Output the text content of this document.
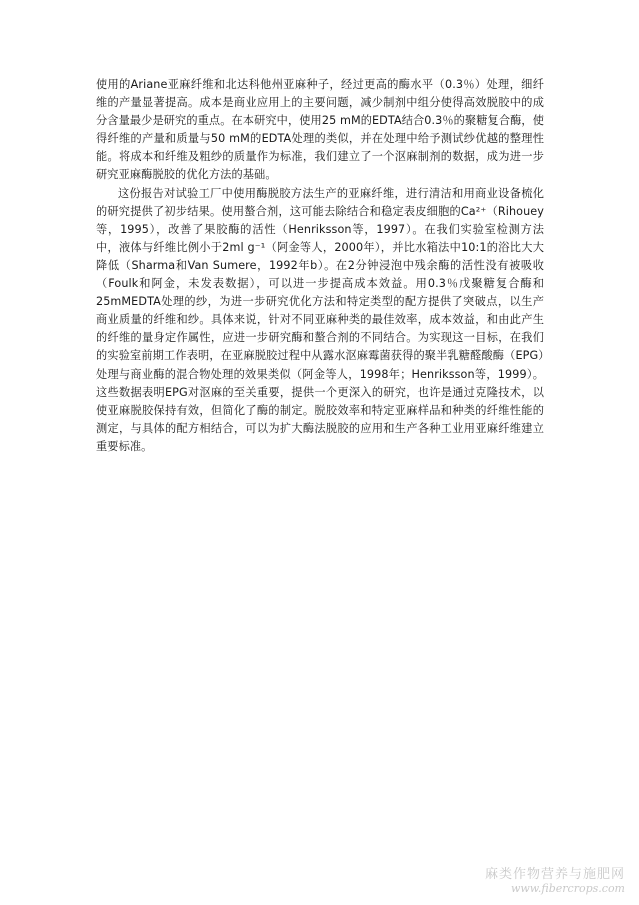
使用的Ariane亚麻纤维和北达科他州亚麻种子，经过更高的酶水平（0.3％）处理，细纤维的产量显著提高。成本是商业应用上的主要问题，减少制剂中组分使得高效脱胶中的成分含量最少是研究的重点。在本研究中，使用25 mM的EDTA结合0.3％的聚糖复合酶，使得纤维的产量和质量与50 mM的EDTA处理的类似，并在处理中给予测试纱优越的整理性能。将成本和纤维及粗纱的质量作为标准，我们建立了一个沤麻制剂的数据，成为进一步研究亚麻酶脱胶的优化方法的基础。

这份报告对试验工厂中使用酶脱胶方法生产的亚麻纤维，进行清洁和用商业设备梳化的研究提供了初步结果。使用螯合剂，这可能去除结合和稳定表皮细胞的Ca²⁺（Rihouey等，1995），改善了果胶酶的活性（Henriksson等，1997）。在我们实验室检测方法中，液体与纤维比例小于2ml g⁻¹（阿金等人，2000年），并比水箱法中10:1的浴比大大降低（Sharma和Van Sumere，1992年b）。在2分钟浸泡中残余酶的活性没有被吸收（Foulk和阿金，未发表数据），可以进一步提高成本效益。用0.3％戊聚糖复合酶和25mMEDTA处理的纱，为进一步研究优化方法和特定类型的配方提供了突破点，以生产商业质量的纤维和纱。具体来说，针对不同亚麻种类的最佳效率，成本效益，和由此产生的纤维的量身定作属性，应进一步研究酶和螯合剂的不同结合。为实现这一目标，在我们的实验室前期工作表明，在亚麻脱胶过程中从露水沤麻霉菌获得的聚半乳糖醛酸酶（EPG）处理与商业酶的混合物处理的效果类似（阿金等人，1998年；Henriksson等，1999）。这些数据表明EPG对沤麻的至关重要，提供一个更深入的研究，也许是通过克隆技术，以使亚麻脱胶保持有效，但简化了酶的制定。脱胶效率和特定亚麻样品和种类的纤维性能的测定，与具体的配方相结合，可以为扩大酶法脱胶的应用和生产各种工业用亚麻纤维建立重要标准。

麻类作物营养与施肥网
www.fibercrops.com
